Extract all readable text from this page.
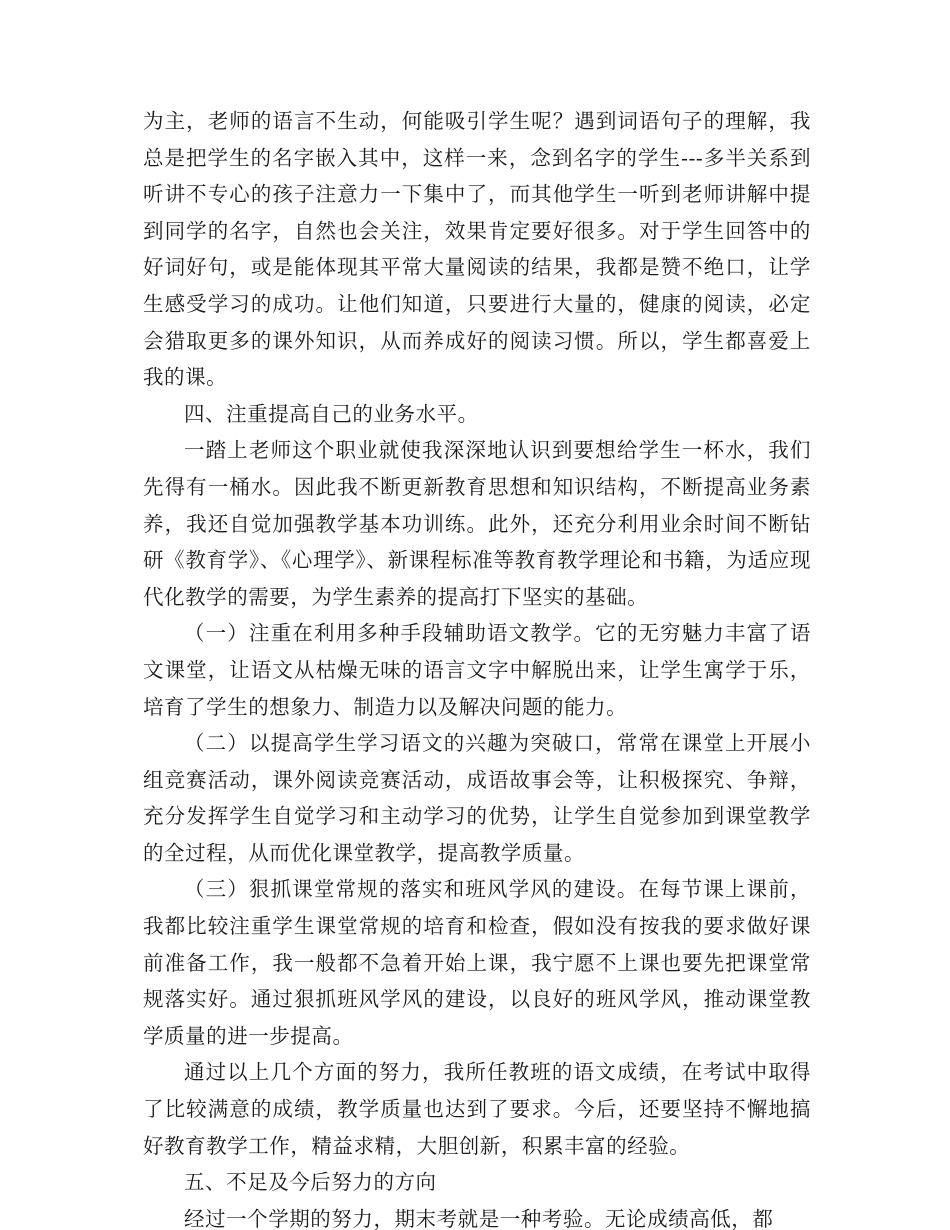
为主，老师的语言不生动，何能吸引学生呢？遇到词语句子的理解，我总是把学生的名字嵌入其中，这样一来，念到名字的学生---多半关系到听讲不专心的孩子注意力一下集中了，而其他学生一听到老师讲解中提到同学的名字，自然也会关注，效果肯定要好很多。对于学生回答中的好词好句，或是能体现其平常大量阅读的结果，我都是赞不绝口，让学生感受学习的成功。让他们知道，只要进行大量的，健康的阅读，必定会猎取更多的课外知识，从而养成好的阅读习惯。所以，学生都喜爱上我的课。

四、注重提高自己的业务水平。

一踏上老师这个职业就使我深深地认识到要想给学生一杯水，我们先得有一桶水。因此我不断更新教育思想和知识结构，不断提高业务素养，我还自觉加强教学基本功训练。此外，还充分利用业余时间不断钻研《教育学》、《心理学》、新课程标准等教育教学理论和书籍，为适应现代化教学的需要，为学生素养的提高打下坚实的基础。

（一）注重在利用多种手段辅助语文教学。它的无穷魅力丰富了语文课堂，让语文从枯燥无味的语言文字中解脱出来，让学生寓学于乐，培育了学生的想象力、制造力以及解决问题的能力。

（二）以提高学生学习语文的兴趣为突破口，常常在课堂上开展小组竞赛活动，课外阅读竞赛活动，成语故事会等，让积极探究、争辩，充分发挥学生自觉学习和主动学习的优势，让学生自觉参加到课堂教学的全过程，从而优化课堂教学，提高教学质量。

（三）狠抓课堂常规的落实和班风学风的建设。在每节课上课前，我都比较注重学生课堂常规的培育和检查，假如没有按我的要求做好课前准备工作，我一般都不急着开始上课，我宁愿不上课也要先把课堂常规落实好。通过狠抓班风学风的建设，以良好的班风学风，推动课堂教学质量的进一步提高。

通过以上几个方面的努力，我所任教班的语文成绩，在考试中取得了比较满意的成绩，教学质量也达到了要求。今后，还要坚持不懈地搞好教育教学工作，精益求精，大胆创新，积累丰富的经验。

五、不足及今后努力的方向

经过一个学期的努力，期末考就是一种考验。无论成绩高低，都
